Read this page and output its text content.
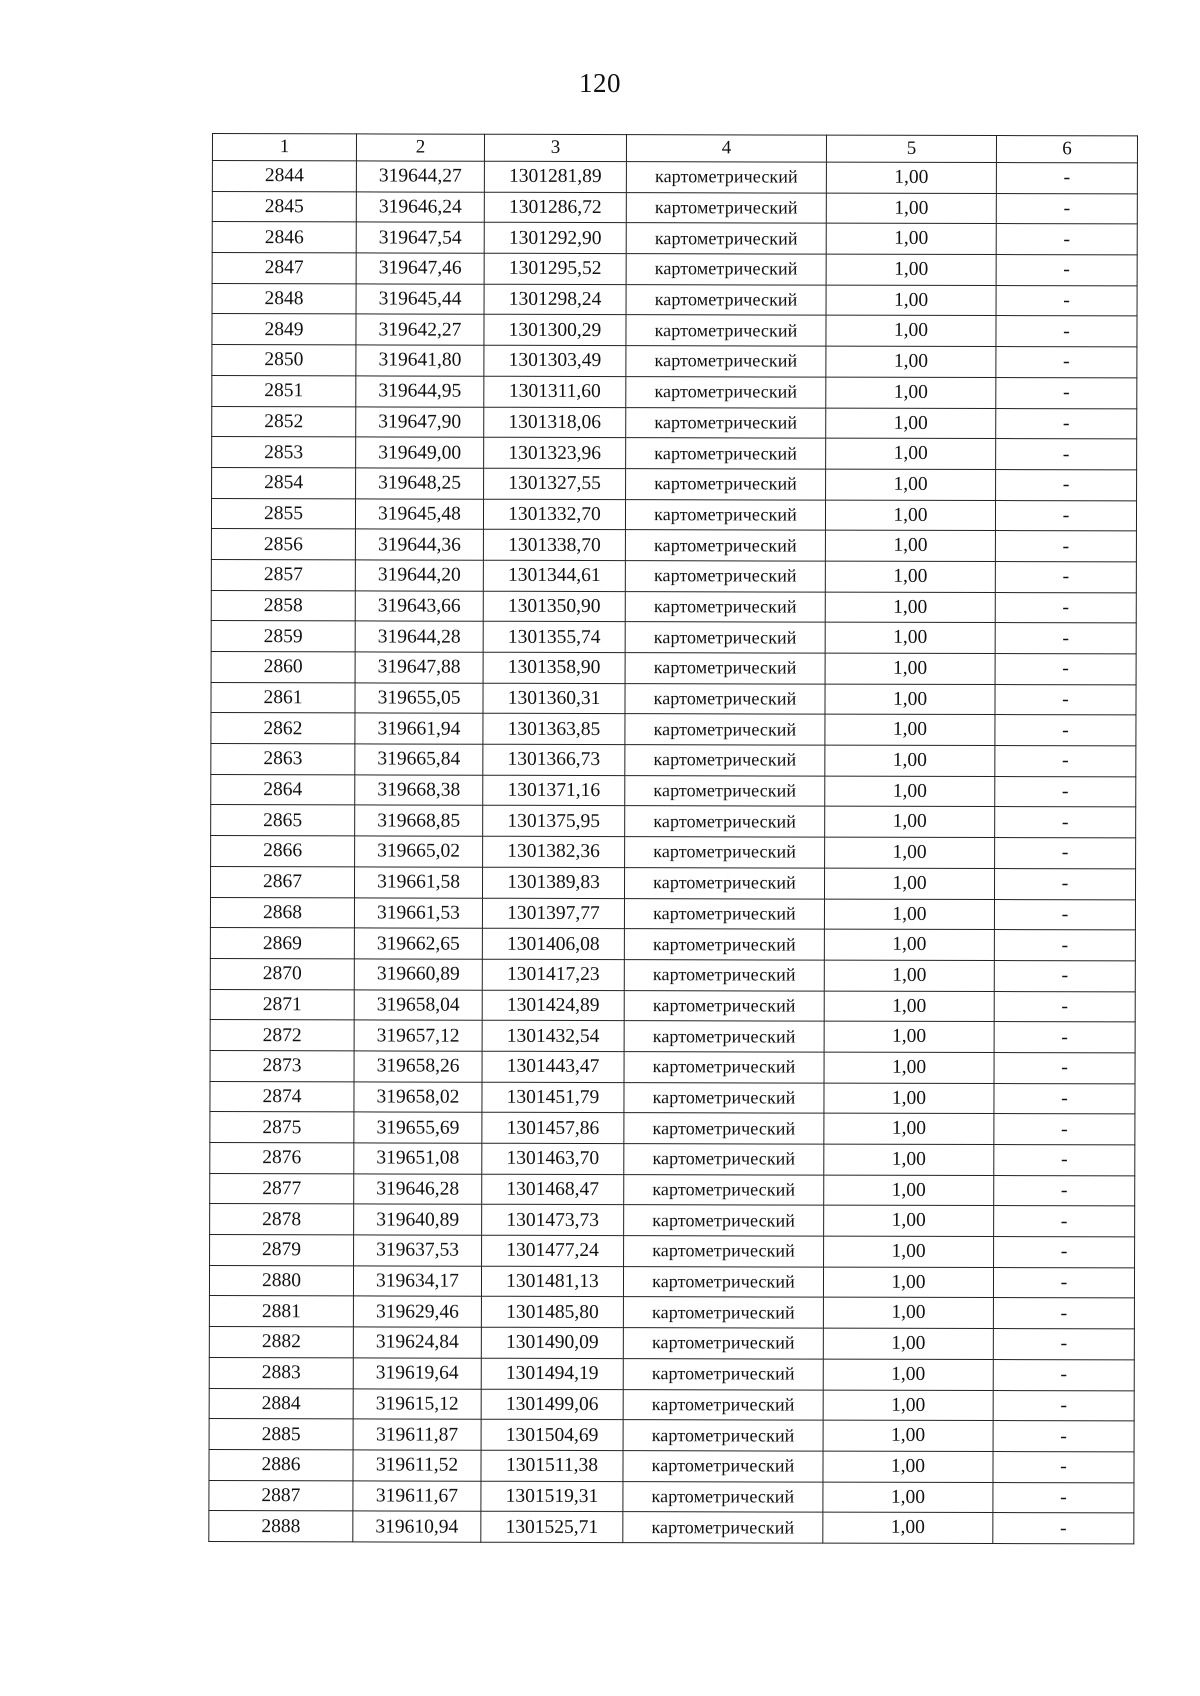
120
1	2	3	4	5	6
2844	319644,27	1301281,89	картометрический	1,00	-
2845	319646,24	1301286,72	картометрический	1,00	-
2846	319647,54	1301292,90	картометрический	1,00	-
2847	319647,46	1301295,52	картометрический	1,00	-
2848	319645,44	1301298,24	картометрический	1,00	-
2849	319642,27	1301300,29	картометрический	1,00	-
2850	319641,80	1301303,49	картометрический	1,00	-
2851	319644,95	1301311,60	картометрический	1,00	-
2852	319647,90	1301318,06	картометрический	1,00	-
2853	319649,00	1301323,96	картометрический	1,00	-
2854	319648,25	1301327,55	картометрический	1,00	-
2855	319645,48	1301332,70	картометрический	1,00	-
2856	319644,36	1301338,70	картометрический	1,00	-
2857	319644,20	1301344,61	картометрический	1,00	-
2858	319643,66	1301350,90	картометрический	1,00	-
2859	319644,28	1301355,74	картометрический	1,00	-
2860	319647,88	1301358,90	картометрический	1,00	-
2861	319655,05	1301360,31	картометрический	1,00	-
2862	319661,94	1301363,85	картометрический	1,00	-
2863	319665,84	1301366,73	картометрический	1,00	-
2864	319668,38	1301371,16	картометрический	1,00	-
2865	319668,85	1301375,95	картометрический	1,00	-
2866	319665,02	1301382,36	картометрический	1,00	-
2867	319661,58	1301389,83	картометрический	1,00	-
2868	319661,53	1301397,77	картометрический	1,00	-
2869	319662,65	1301406,08	картометрический	1,00	-
2870	319660,89	1301417,23	картометрический	1,00	-
2871	319658,04	1301424,89	картометрический	1,00	-
2872	319657,12	1301432,54	картометрический	1,00	-
2873	319658,26	1301443,47	картометрический	1,00	-
2874	319658,02	1301451,79	картометрический	1,00	-
2875	319655,69	1301457,86	картометрический	1,00	-
2876	319651,08	1301463,70	картометрический	1,00	-
2877	319646,28	1301468,47	картометрический	1,00	-
2878	319640,89	1301473,73	картометрический	1,00	-
2879	319637,53	1301477,24	картометрический	1,00	-
2880	319634,17	1301481,13	картометрический	1,00	-
2881	319629,46	1301485,80	картометрический	1,00	-
2882	319624,84	1301490,09	картометрический	1,00	-
2883	319619,64	1301494,19	картометрический	1,00	-
2884	319615,12	1301499,06	картометрический	1,00	-
2885	319611,87	1301504,69	картометрический	1,00	-
2886	319611,52	1301511,38	картометрический	1,00	-
2887	319611,67	1301519,31	картометрический	1,00	-
2888	319610,94	1301525,71	картометрический	1,00	-
